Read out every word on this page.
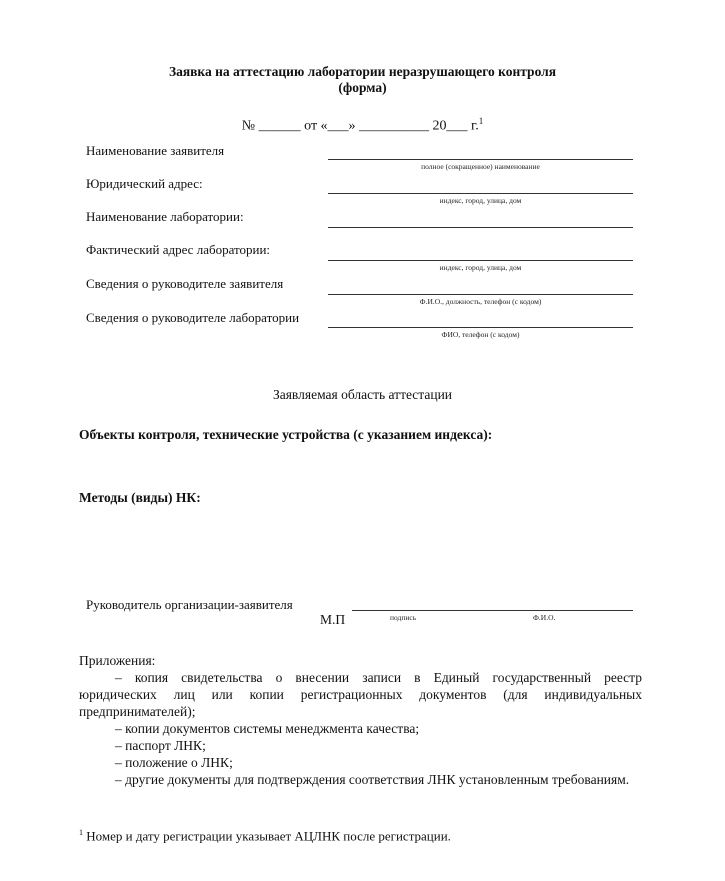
Заявка на аттестацию лаборатории неразрушающего контроля
(форма)
№ ______ от «___» __________ 20___ г.$^1$
Наименование заявителя
полное (сокращенное) наименование
Юридический адрес:
индекс, город, улица, дом
Наименование лаборатории:
Фактический адрес лаборатории:
индекс, город, улица, дом
Сведения о руководителе заявителя
Ф.И.О., должность, телефон (с кодом)
Сведения о руководителе лаборатории
ФИО, телефон (с кодом)
Заявляемая область аттестации
Объекты контроля, технические устройства (с указанием индекса):
Методы (виды) НК:
Руководитель организации-заявителя
М.П	подпись	Ф.И.О.
Приложения:
– копия свидетельства о внесении записи в Единый государственный реестр
юридических лиц или копии регистрационных документов (для индивидуальных
предпринимателей);
– копии документов системы менеджмента качества;
– паспорт ЛНК;
– положение о ЛНК;
– другие документы для подтверждения соответствия ЛНК установленным требованиям.
$^1$ Номер и дату регистрации указывает АЦЛНК после регистрации.
